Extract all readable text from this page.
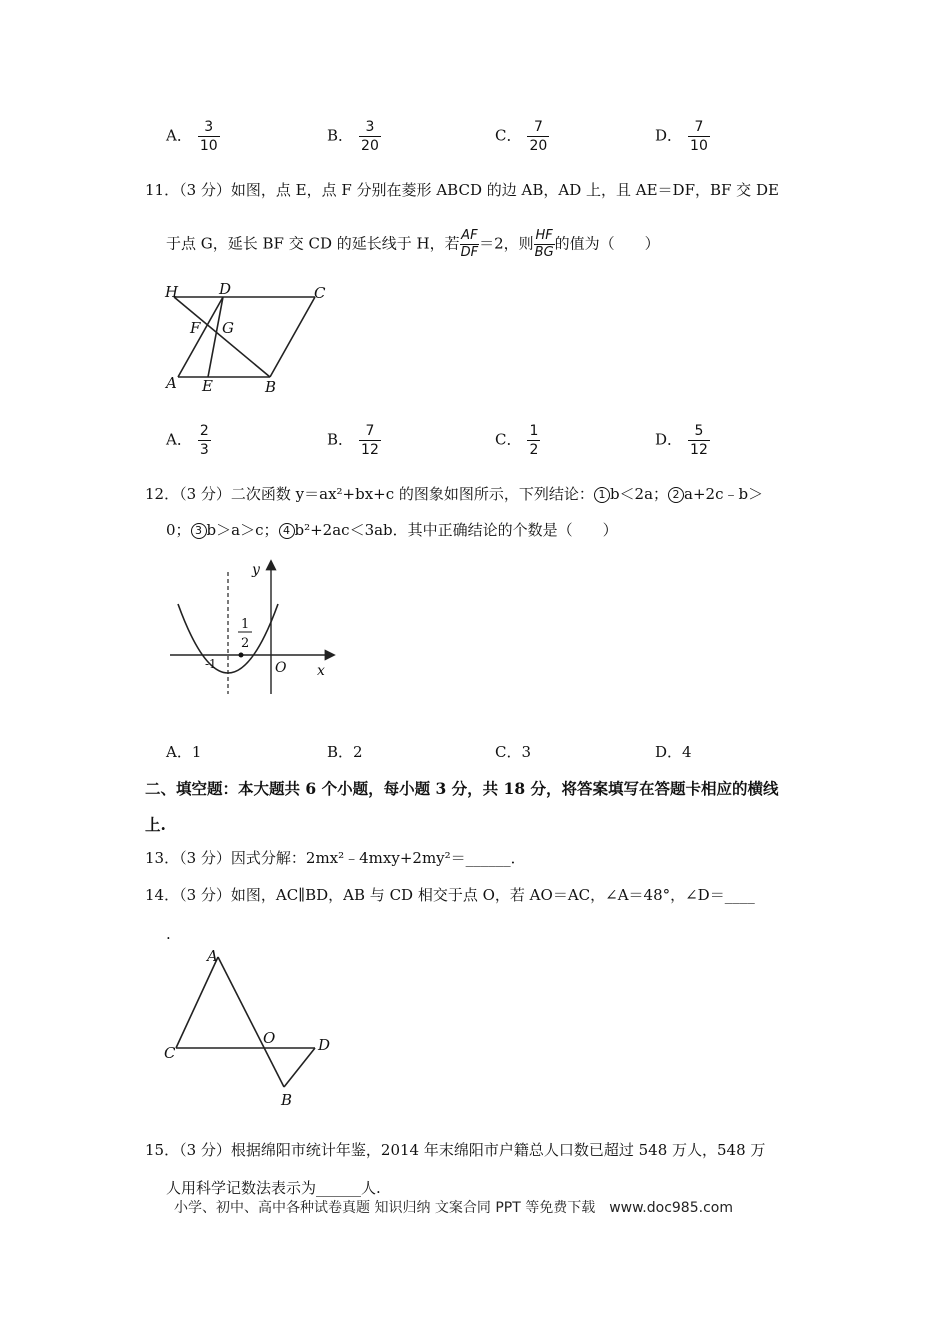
A． $\frac{3}{10}$	B． $\frac{3}{20}$	C． $\frac{7}{20}$	D． $\frac{7}{10}$
11．（3 分）如图，点 E，点 F 分别在菱形 ABCD 的边 AB，AD 上，且 AE＝DF，BF 交 DE
于点 G，延长 BF 交 CD 的延长线于 H，若 $\frac{AF}{DF} =2$，则 $\frac{HF}{BG}$ 的值为（　　）
H	D	C
F G
A E	B
A． $\frac{2}{3}$	B． $\frac{7}{12}$	C． $\frac{1}{2}$	D． $\frac{5}{12}$
12．（3 分）二次函数 y＝ax²+bx+c 的图象如图所示，下列结论： 1 b＜2a； 2 a+2c﹣b＞
0； 3 b＞a＞c； 4 b²+2ac＜3ab．其中正确结论的个数是（　　）
y
x
O
-1
1
2
A．1	B．2	C．3	D．4
二、填空题：本大题共 6 个小题，每小题 3 分，共 18 分，将答案填写在答题卡相应的横线
上.
13．（3 分）因式分解：2mx²﹣4mxy+2my²＝______．
14．（3 分）如图，AC∥BD，AB 与 CD 相交于点 O，若 AO＝AC，∠A＝48°，∠D＝____
.
A
C
O	D
B
15．（3 分）根据绵阳市统计年鉴，2014 年末绵阳市户籍总人口数已超过 548 万人，548 万
人用科学记数法表示为______人.
小学、初中、高中各种试卷真题 知识归纳 文案合同 PPT 等免费下载　www.doc985.com
